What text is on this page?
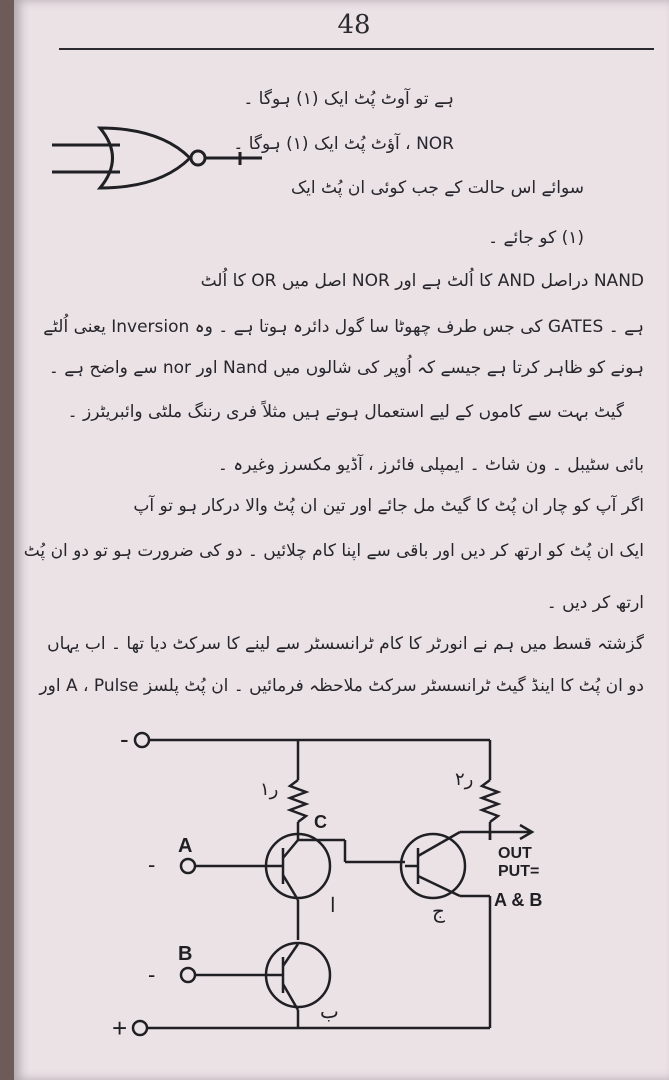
48
ہے تو آوٹ پُٹ ایک (۱) ہوگا ۔
NOR ، آؤٹ پُٹ ایک (۱) ہوگا ۔
سوائے اس حالت کے جب کوئی ان پُٹ ایک
(۱) کو جائے ۔
NAND دراصل AND کا اُلٹ ہے اور NOR اصل میں OR کا اُلٹ
ہے ۔ GATES کی جس طرف چھوٹا سا گول دائرہ ہوتا ہے ۔ وہ Inversion یعنی اُلٹے
ہونے کو ظاہر کرتا ہے جیسے کہ اُوپر کی شالوں میں Nand اور nor سے واضح ہے ۔
گیٹ بہت سے کاموں کے لیے استعمال ہوتے ہیں مثلاً فری رننگ ملٹی وائبریٹرز ۔
بائی سٹیبل ۔ ون شاٹ ۔ ایمپلی فائرز ، آڈیو مکسرز وغیرہ ۔
اگر آپ کو چار ان پُٹ کا گیٹ مل جائے اور تین ان پُٹ والا درکار ہو تو آپ
ایک ان پُٹ کو ارتھ کر دیں اور باقی سے اپنا کام چلائیں ۔ دو کی ضرورت ہو تو دو ان پُٹ
ارتھ کر دیں ۔
گزشتہ قسط میں ہم نے انورٹر کا کام ٹرانسسٹر سے لینے کا سرکٹ دیا تھا ۔ اب یہاں
دو ان پُٹ کا اینڈ گیٹ ٹرانسسٹر سرکٹ ملاحظہ فرمائیں ۔ ان پُٹ پلسز A ، Pulse اور
-
+
ر۱	ر۲
C
A
-
B
-
ا
ب
ج
OUT
PUT=
A & B
